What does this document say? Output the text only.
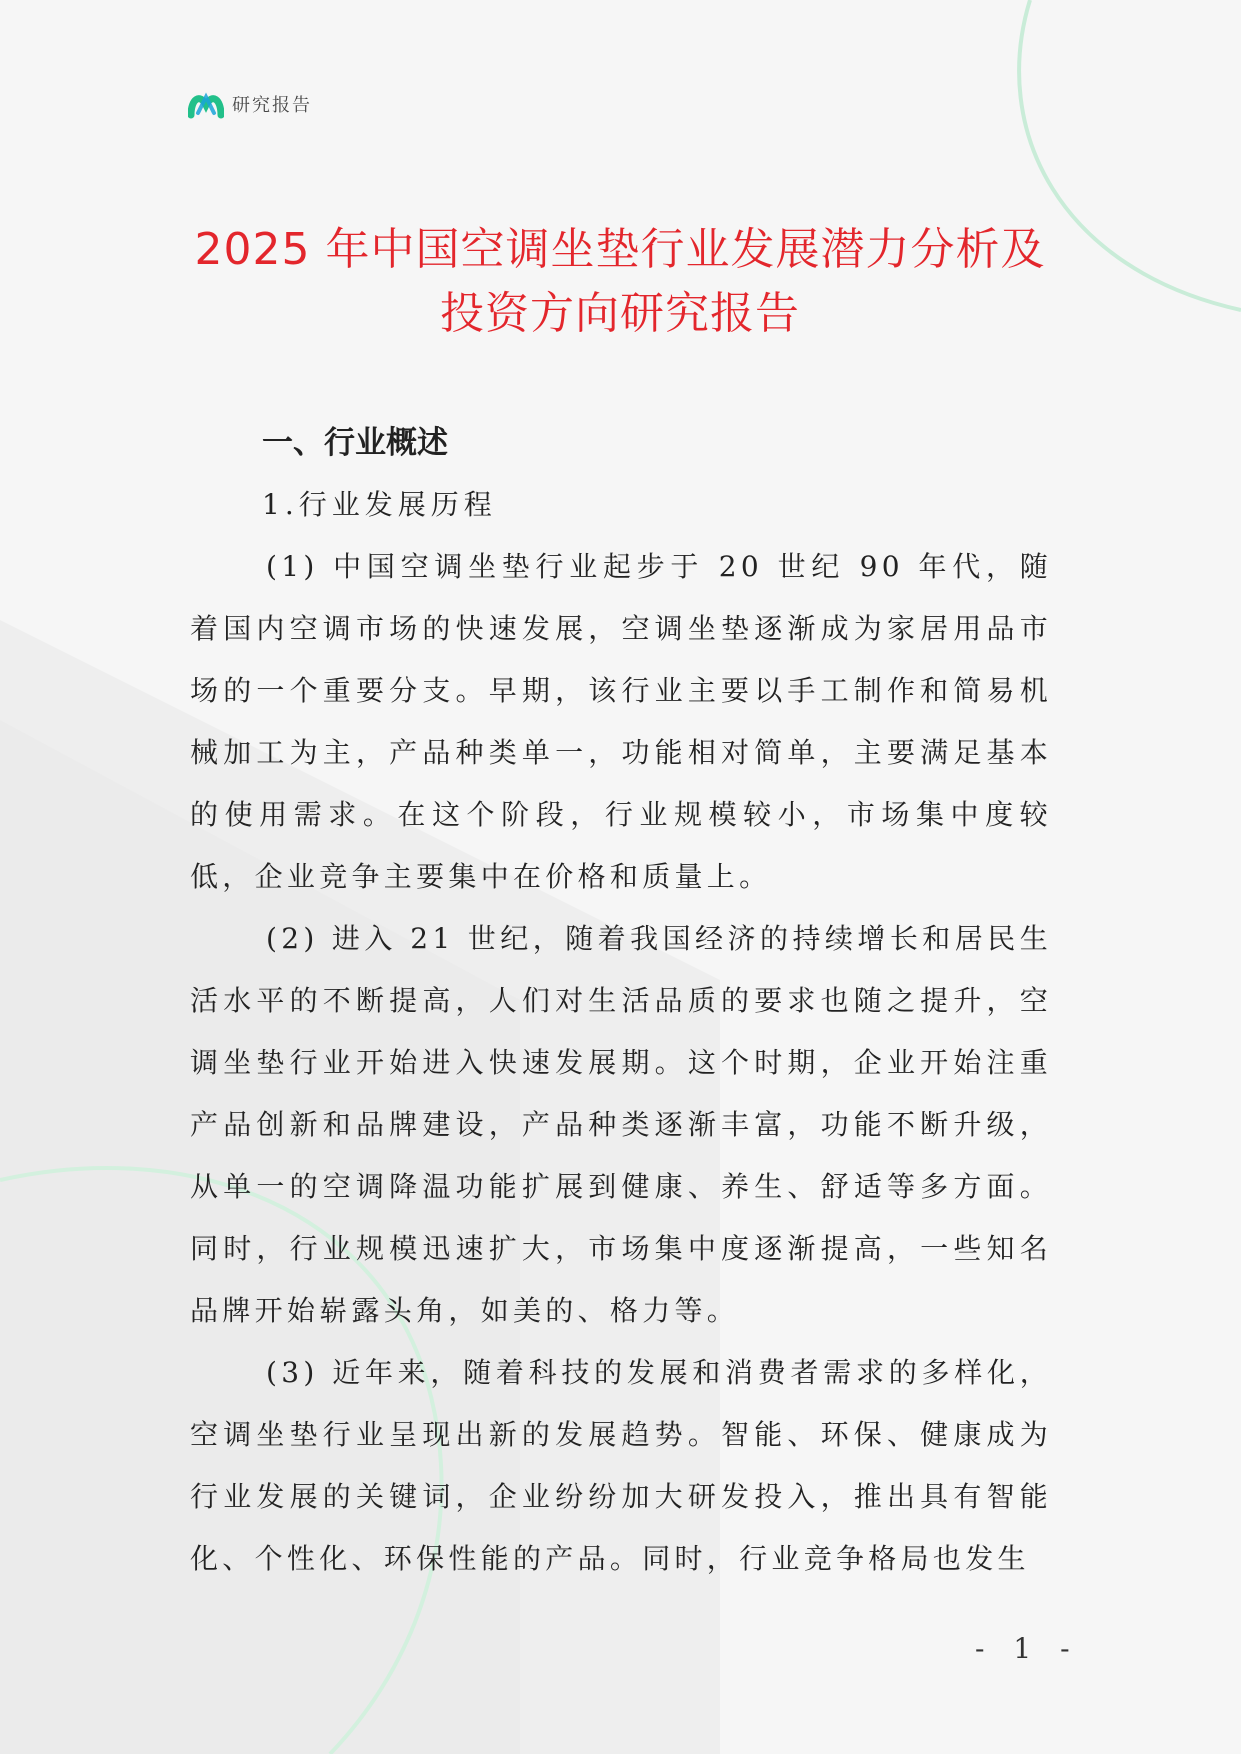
研究报告
2025 年中国空调坐垫行业发展潜力分析及
投资方向研究报告
一、行业概述
1.行业发展历程

(1) 中国空调坐垫行业起步于 20 世纪 90 年代，随着国内空调市场的快速发展，空调坐垫逐渐成为家居用品市场的一个重要分支。早期，该行业主要以手工制作和简易机械加工为主，产品种类单一，功能相对简单，主要满足基本的使用需求。在这个阶段，行业规模较小，市场集中度较低，企业竞争主要集中在价格和质量上。

(2) 进入 21 世纪，随着我国经济的持续增长和居民生活水平的不断提高，人们对生活品质的要求也随之提升，空调坐垫行业开始进入快速发展期。这个时期，企业开始注重产品创新和品牌建设，产品种类逐渐丰富，功能不断升级，从单一的空调降温功能扩展到健康、养生、舒适等多方面。同时，行业规模迅速扩大，市场集中度逐渐提高，一些知名品牌开始崭露头角，如美的、格力等。

(3) 近年来，随着科技的发展和消费者需求的多样化，空调坐垫行业呈现出新的发展趋势。智能、环保、健康成为行业发展的关键词，企业纷纷加大研发投入，推出具有智能化、个性化、环保性能的产品。同时，行业竞争格局也发生

- 1 -
